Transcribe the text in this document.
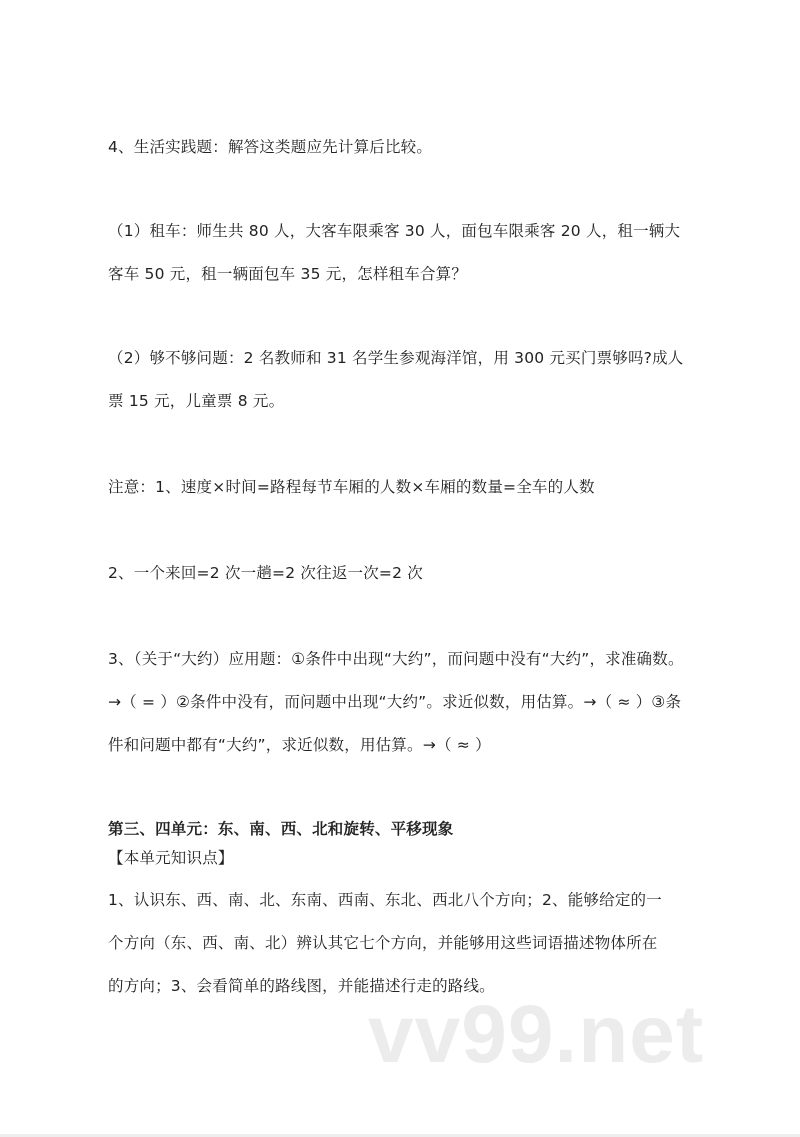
4、生活实践题：解答这类题应先计算后比较。
（1）租车：师生共 80 人，大客车限乘客 30 人，面包车限乘客 20 人，租一辆大
客车 50 元，租一辆面包车 35 元，怎样租车合算？
（2）够不够问题：2 名教师和 31 名学生参观海洋馆，用 300 元买门票够吗?成人
票 15 元，儿童票 8 元。
注意：1、速度×时间=路程每节车厢的人数×车厢的数量=全车的人数
2、一个来回=2 次一趟=2 次往返一次=2 次
3、（关于“大约）应用题：①条件中出现“大约”，而问题中没有“大约”，求准确数。
→（ = ）②条件中没有，而问题中出现“大约”。求近似数，用估算。→（ ≈ ）③条
件和问题中都有“大约”，求近似数，用估算。→（ ≈ ）
第三、四单元：东、南、西、北和旋转、平移现象
【本单元知识点】
1、认识东、西、南、北、东南、西南、东北、西北八个方向；2、能够给定的一
个方向（东、西、南、北）辨认其它七个方向，并能够用这些词语描述物体所在
的方向；3、会看简单的路线图，并能描述行走的路线。
vv99.net
